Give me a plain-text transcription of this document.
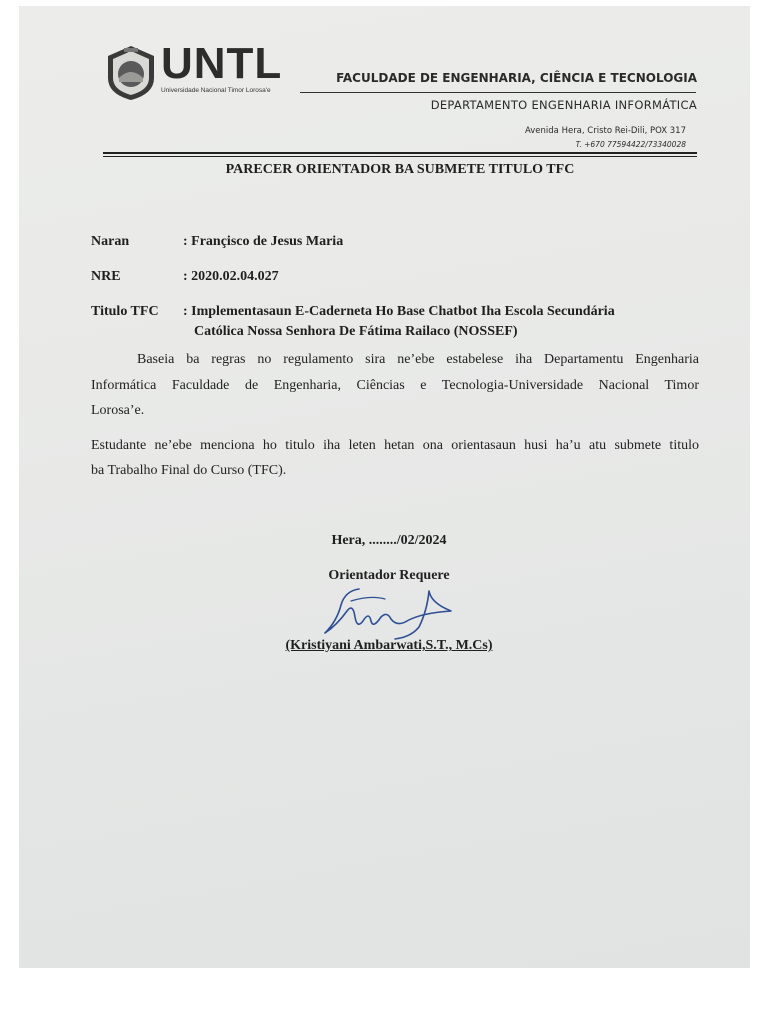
UNTL
Universidade Nacional Timor Lorosa'e
FACULDADE DE ENGENHARIA, CIÊNCIA E TECNOLOGIA
DEPARTAMENTO ENGENHARIA INFORMÁTICA
Avenida Hera, Cristo Rei-Dili, POX 317
T. +670 77594422/73340028
PARECER ORIENTADOR BA SUBMETE TITULO TFC
Naran	: Françisco de Jesus Maria
NRE	: 2020.02.04.027
Titulo TFC : Implementasaun E-Caderneta Ho Base Chatbot Iha Escola Secundária
Católica Nossa Senhora De Fátima Railaco (NOSSEF)
Baseia ba regras no regulamento sira ne’ebe estabelese iha Departamentu Engenharia
Informática Faculdade de Engenharia, Ciências e Tecnologia-Universidade Nacional Timor
Lorosa’e.
Estudante ne’ebe menciona ho titulo iha leten hetan ona orientasaun husi ha’u atu submete titulo
ba Trabalho Final do Curso (TFC).
Hera, ......../02/2024
Orientador Requere
(Kristiyani Ambarwati,S.T., M.Cs)
